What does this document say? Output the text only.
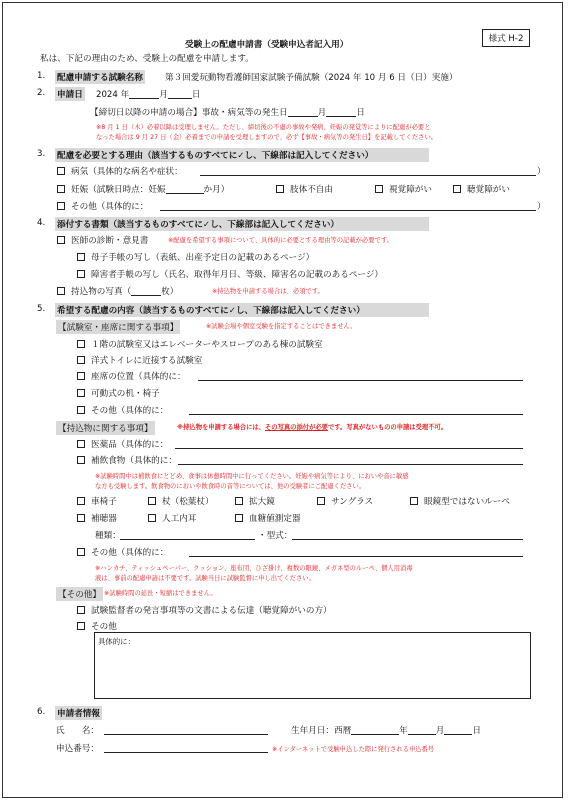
様式 H-2
受験上の配慮申請書（受験申込者記入用）
私は、下記の理由のため、受験上の配慮を申請します。
1. 配慮申請する試験名称	第３回愛玩動物看護師国家試験予備試験（2024 年 10 月 6 日（日）実施）
2. 申請日 2024 年	月	日
【締切日以降の申請の場合】事故・病気等の発生日	月	日
※8 月 1 日（木）必着以降は受理しません。ただし、締切後の不慮の事故や発病、妊娠の発覚等によりに配慮が必要と
なった場合は 9 月 27 日（金）必着までの申請を受理しますので、必ず【事故・病気等の発生日】を記載してください。
3. 配慮を必要とする理由（該当するものすべてに✓し、下線部は記入してください）
病気（具体的な病名や症状：	）
妊娠（試験日時点：妊娠	か月）	肢体不自由	視覚障がい	聴覚障がい
その他（具体的に：	）
4. 添付する書類（該当するものすべてに✓し、下線部は記入してください）
医師の診断・意見書	※配慮を希望する事項について、具体的に必要とする理由等の記載が必要です。
母子手帳の写し（表紙、出産予定日の記載のあるページ）
障害者手帳の写し（氏名、取得年月日、等級、障害名の記載のあるページ）
持込物の写真（	枚）	※持込物を申請する場合は、必須です。
5. 希望する配慮の内容（該当するものすべてに✓し、下線部は記入してください）
【試験室・座席に関する事項】	※試験会場や個室受験を指定することはできません。
１階の試験室又はエレベーターやスロープのある棟の試験室
洋式トイレに近接する試験室
座席の位置（具体的に：
可動式の机・椅子
その他（具体的に：
【持込物に関する事項】	※持込物を申請する場合には、その写真の添付が必要です。写真がないものの申請は受理不可。
医薬品（具体的に：
補飲食物（具体的に：
※試験時間中は補飲食にとどめ、食事は休憩時間中に行ってください。妊娠や病気等により、においや音に敏感
な方も受験します。飲食物のにおいや飲食時の音等については、他の受験者にご配慮ください。
車椅子	杖（松葉杖）	拡大鏡	サングラス	眼鏡型ではないルーペ
補聴器	人工内耳	血糖値測定器
種類：	・型式：
その他（具体的に：
※ハンカチ、ティッシュペーパー、クッション、座布団、ひざ掛け、複数の眼鏡、メガネ型のルーペ、個人用消毒
液は、事前の配慮申請は不要です。試験当日に試験監督に申し出てください。
【その他】 ※試験時間の延長・短縮はできません。
試験監督者の発言事項等の文書による伝達（聴覚障がいの方）
その他
具体的に：
6. 申請者情報
氏　　名：	生年月日：西暦	年	月	日
申込番号：	※インターネットで受験申込した際に発行される申込番号
